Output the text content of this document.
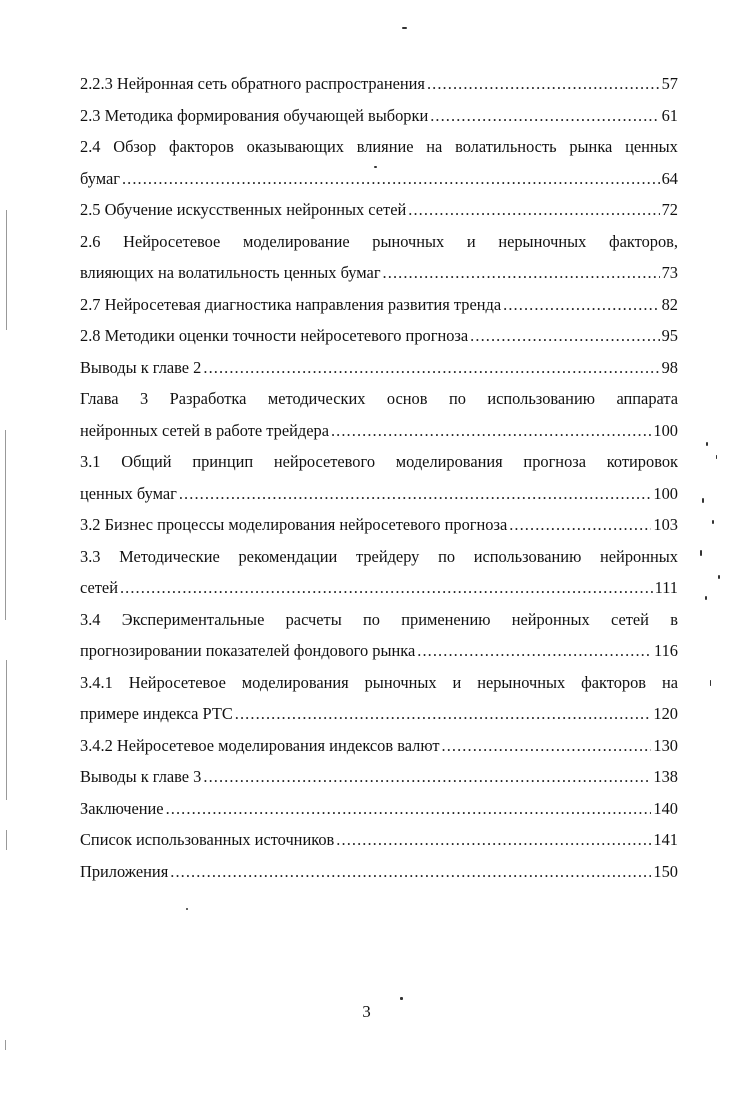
2.2.3 Нейронная сеть обратного распространения . . .	57
2.3 Методика формирования обучающей выборки . . .	61
2.4 Обзор факторов оказывающих влияние на волатильность рынка ценных
бумаг . . .	64
2.5 Обучение искусственных нейронных сетей . . .	72
2.6 Нейросетевое моделирование рыночных и нерыночных факторов,
влияющих на волатильность ценных бумаг . . .	73
2.7 Нейросетевая диагностика направления развития тренда . . .	82
2.8 Методики оценки точности нейросетевого прогноза . . .	95
Выводы к главе 2 . . .	98
Глава 3 Разработка методических основ по использованию аппарата
нейронных сетей в работе трейдера . . .	100
3.1 Общий принцип нейросетевого моделирования прогноза котировок
ценных бумаг . . .	100
3.2 Бизнес процессы моделирования нейросетевого прогноза . . .	103
3.3 Методические рекомендации трейдеру по использованию нейронных
сетей . . .	111
3.4 Экспериментальные расчеты по применению нейронных сетей в
прогнозировании показателей фондового рынка . . .	116
3.4.1 Нейросетевое моделирования рыночных и нерыночных факторов на
примере индекса РТС . . .	120
3.4.2 Нейросетевое моделирования индексов валют . . .	130
Выводы к главе 3 . . .	138
Заключение . . .	140
Список использованных источников . . .	141
Приложения . . .	150
3
